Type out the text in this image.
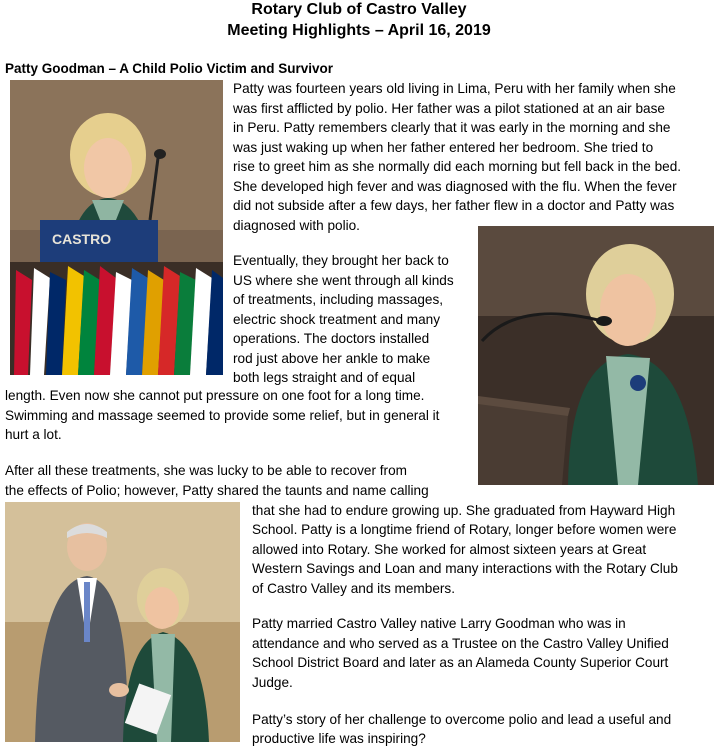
Rotary Club of Castro Valley
Meeting Highlights – April 16, 2019
Patty Goodman – A Child Polio Victim and Survivor
CASTRO
Patty was fourteen years old living in Lima, Peru with her family when she
was first afflicted by polio. Her father was a pilot stationed at an air base
in Peru. Patty remembers clearly that it was early in the morning and she
was just waking up when her father entered her bedroom. She tried to
rise to greet him as she normally did each morning but fell back in the bed.
She developed high fever and was diagnosed with the flu. When the fever
did not subside after a few days, her father flew in a doctor and Patty was
diagnosed with polio.
Eventually, they brought her back to
US where she went through all kinds
of treatments, including massages,
electric shock treatment and many
operations. The doctors installed
rod just above her ankle to make
both legs straight and of equal
length. Even now she cannot put pressure on one foot for a long time.
Swimming and massage seemed to provide some relief, but in general it
hurt a lot.
After all these treatments, she was lucky to be able to recover from
the effects of Polio; however, Patty shared the taunts and name calling
that she had to endure growing up. She graduated from Hayward High
School. Patty is a longtime friend of Rotary, longer before women were
allowed into Rotary. She worked for almost sixteen years at Great
Western Savings and Loan and many interactions with the Rotary Club
of Castro Valley and its members.
Patty married Castro Valley native Larry Goodman who was in
attendance and who served as a Trustee on the Castro Valley Unified
School District Board and later as an Alameda County Superior Court
Judge.
Patty’s story of her challenge to overcome polio and lead a useful and
productive life was inspiring?
